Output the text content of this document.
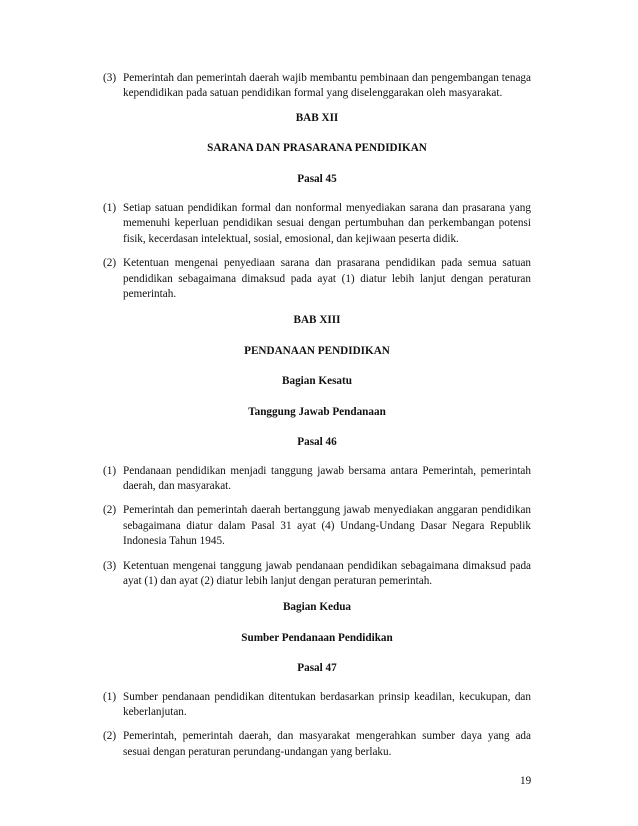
(3) Pemerintah dan pemerintah daerah wajib membantu pembinaan dan pengembangan tenaga kependidikan pada satuan pendidikan formal yang diselenggarakan oleh masyarakat.
BAB XII
SARANA DAN PRASARANA PENDIDIKAN
Pasal 45
(1) Setiap satuan pendidikan formal dan nonformal menyediakan sarana dan prasarana yang memenuhi keperluan pendidikan sesuai dengan pertumbuhan dan perkembangan potensi fisik, kecerdasan intelektual, sosial, emosional, dan kejiwaan peserta didik.
(2) Ketentuan mengenai penyediaan sarana dan prasarana pendidikan pada semua satuan pendidikan sebagaimana dimaksud pada ayat (1) diatur lebih lanjut dengan peraturan pemerintah.
BAB XIII
PENDANAAN PENDIDIKAN
Bagian Kesatu
Tanggung Jawab Pendanaan
Pasal 46
(1) Pendanaan pendidikan menjadi tanggung jawab bersama antara Pemerintah, pemerintah daerah, dan masyarakat.
(2) Pemerintah dan pemerintah daerah bertanggung jawab menyediakan anggaran pendidikan sebagaimana diatur dalam Pasal 31 ayat (4) Undang-Undang Dasar Negara Republik Indonesia Tahun 1945.
(3) Ketentuan mengenai tanggung jawab pendanaan pendidikan sebagaimana dimaksud pada ayat (1) dan ayat (2) diatur lebih lanjut dengan peraturan pemerintah.
Bagian Kedua
Sumber Pendanaan Pendidikan
Pasal 47
(1) Sumber pendanaan pendidikan ditentukan berdasarkan prinsip keadilan, kecukupan, dan keberlanjutan.
(2) Pemerintah, pemerintah daerah, dan masyarakat mengerahkan sumber daya yang ada sesuai dengan peraturan perundang-undangan yang berlaku.
19
